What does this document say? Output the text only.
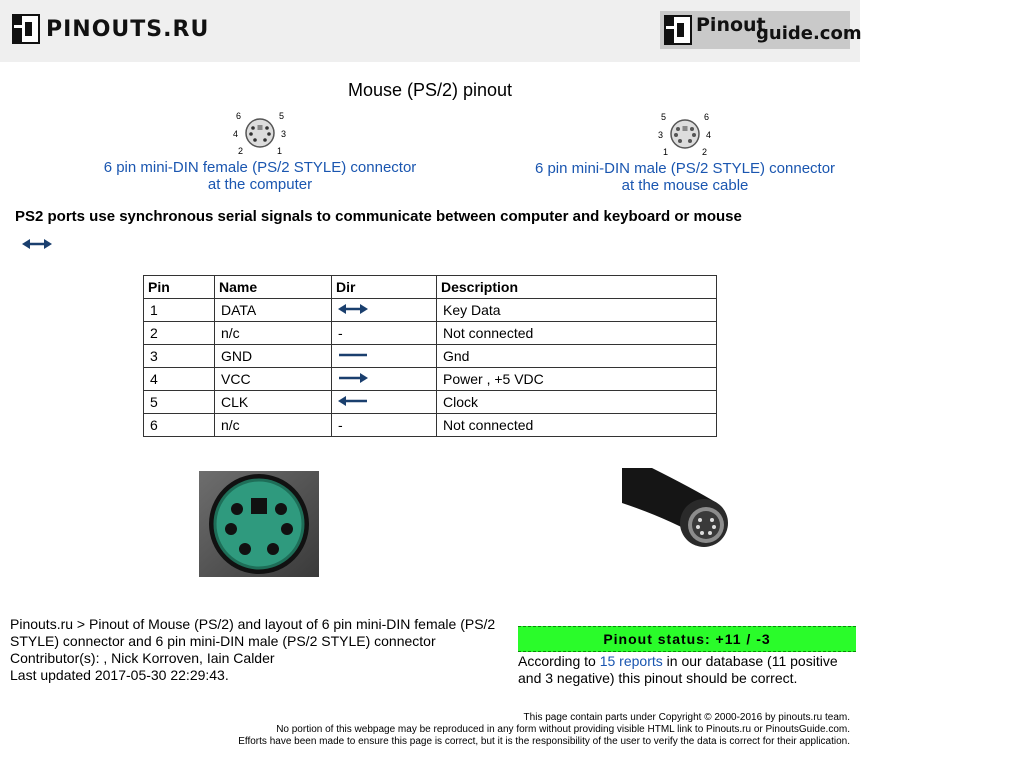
PINOUTS.RU	Pinout
guide.com
Mouse (PS/2) pinout
6	5
4	3
2	1
6 pin mini-DIN female (PS/2 STYLE) connector
at the computer
5	6
3	4
1	2
6 pin mini-DIN male (PS/2 STYLE) connector
at the mouse cable
PS2 ports use synchronous serial signals to communicate between computer and keyboard or mouse
Pin	Name	Dir	Description
1	DATA		Key Data
2	n/c	-	Not connected
3	GND		Gnd
4	VCC		Power , +5 VDC
5	CLK		Clock
6	n/c	-	Not connected
Pinouts.ru > Pinout of Mouse (PS/2) and layout of 6 pin mini-DIN female (PS/2 STYLE) connector and 6 pin mini-DIN male (PS/2 STYLE) connector
Contributor(s): , Nick Korroven, Iain Calder
Last updated 2017-05-30 22:29:43.
Pinout status: +11 / -3
According to 15 reports in our database (11 positive and 3 negative) this pinout should be correct.
This page contain parts under Copyright © 2000-2016 by pinouts.ru team.
No portion of this webpage may be reproduced in any form without providing visible HTML link to Pinouts.ru or PinoutsGuide.com.
Efforts have been made to ensure this page is correct, but it is the responsibility of the user to verify the data is correct for their application.
